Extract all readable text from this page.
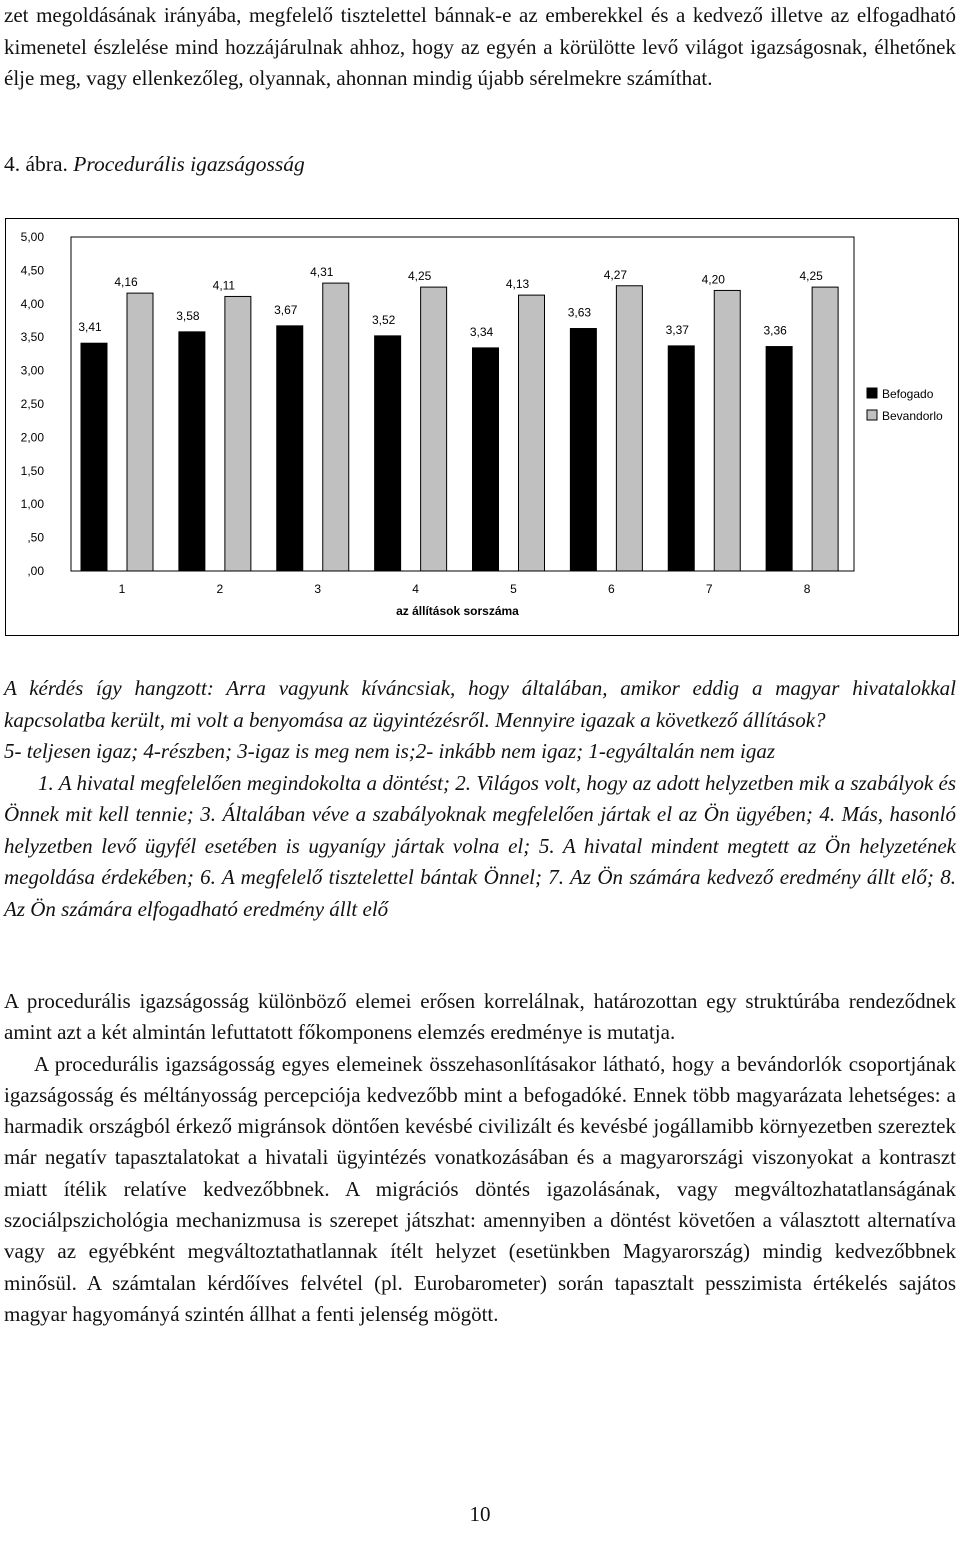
zet megoldásának irányába, megfelelő tisztelettel bánnak-e az emberekkel és a kedvező illetve az elfogadható kimenetel észlelése mind hozzájárulnak ahhoz, hogy az egyén a körülötte levő világot igazságosnak, élhetőnek élje meg, vagy ellenkezőleg, olyannak, ahonnan mindig újabb sérelmekre számíthat.

4. ábra. Procedurális igazságosság

,00
,50
1,00
1,50
2,00
2,50
3,00
3,50
4,00
4,50
5,00
3,41
4,16
1
3,58
4,11
2
3,67
4,31
3
3,52
4,25
4
3,34
4,13
5
3,63
4,27
6
3,37
4,20
7
3,36
4,25
8
az állítások sorszáma
Befogado
Bevandorlo

A kérdés így hangzott: Arra vagyunk kíváncsiak, hogy általában, amikor eddig a magyar hivatalokkal kapcsolatba került, mi volt a benyomása az ügyintézésről. Mennyire igazak a következő állítások?
5- teljesen igaz; 4-részben; 3-igaz is meg nem is;2- inkább nem igaz; 1-egyáltalán nem igaz
1. A hivatal megfelelően megindokolta a döntést; 2. Világos volt, hogy az adott helyzetben mik a szabályok és Önnek mit kell tennie; 3. Általában véve a szabályoknak megfelelően jártak el az Ön ügyében; 4. Más, hasonló helyzetben levő ügyfél esetében is ugyanígy jártak volna el; 5. A hivatal mindent megtett az Ön helyzetének megoldása érdekében; 6. A megfelelő tisztelettel bántak Önnel; 7. Az Ön számára kedvező eredmény állt elő; 8. Az Ön számára elfogadható eredmény állt elő

A procedurális igazságosság különböző elemei erősen korrelálnak, határozottan egy struktúrába rendeződnek amint azt a két almintán lefuttatott főkomponens elemzés eredménye is mutatja.

A procedurális igazságosság egyes elemeinek összehasonlításakor látható, hogy a bevándorlók csoportjának igazságosság és méltányosság percepciója kedvezőbb mint a befogadóké. Ennek több magyarázata lehetséges: a harmadik országból érkező migránsok döntően kevésbé civilizált és kevésbé jogállamibb környezetben szereztek már negatív tapasztalatokat a hivatali ügyintézés vonatkozásában és a magyarországi viszonyokat a kontraszt miatt ítélik relatíve kedvezőbbnek. A migrációs döntés igazolásának, vagy megváltozhatatlanságának szociálpszichológia mechanizmusa is szerepet játszhat: amennyiben a döntést követően a választott alternatíva vagy az egyébként megváltoztathatlannak ítélt helyzet (esetünkben Magyarország) mindig kedvezőbbnek minősül. A számtalan kérdőíves felvétel (pl. Eurobarometer) során tapasztalt pesszimista értékelés sajátos magyar hagyományá szintén állhat a fenti jelenség mögött.

10
